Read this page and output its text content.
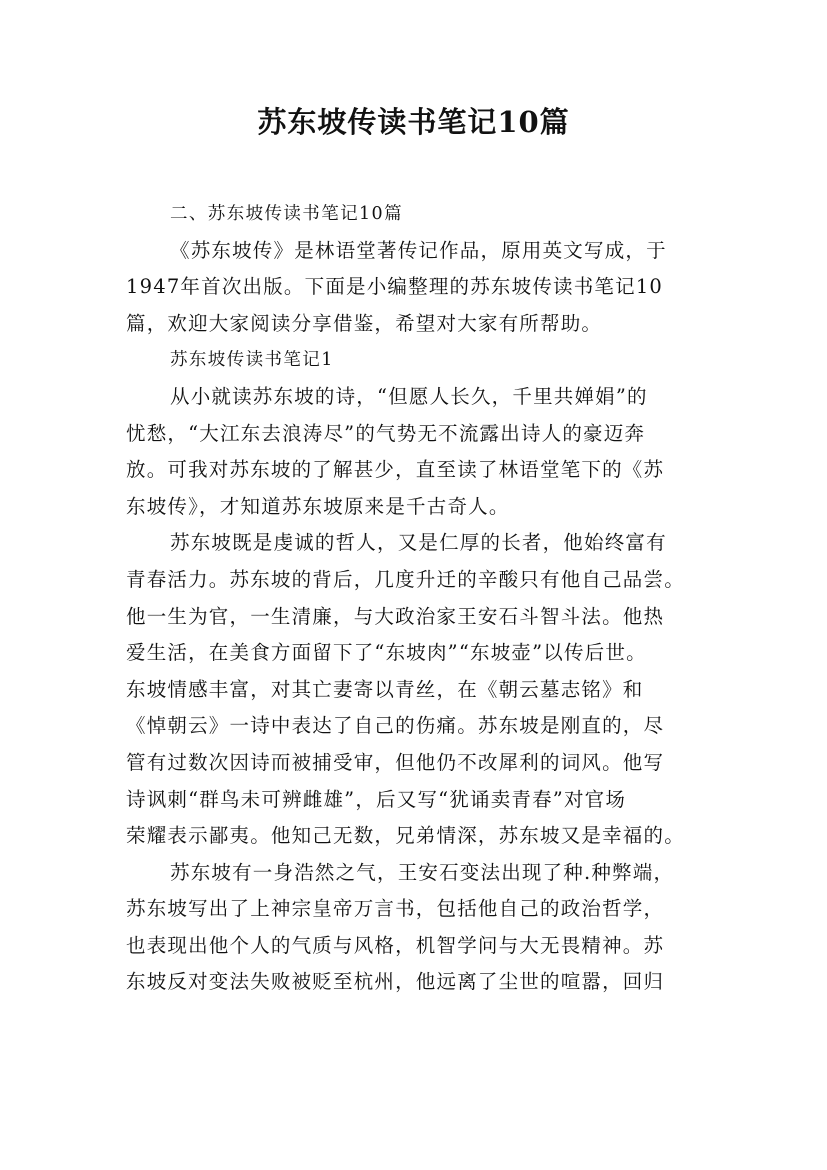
苏东坡传读书笔记10篇
二、苏东坡传读书笔记10篇
《苏东坡传》是林语堂著传记作品，原用英文写成，于
1947年首次出版。下面是小编整理的苏东坡传读书笔记10
篇，欢迎大家阅读分享借鉴，希望对大家有所帮助。
苏东坡传读书笔记1
从小就读苏东坡的诗，“但愿人长久，千里共婵娟”的
忧愁，“大江东去浪涛尽”的气势无不流露出诗人的豪迈奔
放。可我对苏东坡的了解甚少，直至读了林语堂笔下的《苏
东坡传》，才知道苏东坡原来是千古奇人。
苏东坡既是虔诚的哲人，又是仁厚的长者，他始终富有
青春活力。苏东坡的背后，几度升迁的辛酸只有他自己品尝。
他一生为官，一生清廉，与大政治家王安石斗智斗法。他热
爱生活，在美食方面留下了“东坡肉”“东坡壶”以传后世。
东坡情感丰富，对其亡妻寄以青丝，在《朝云墓志铭》和
《悼朝云》一诗中表达了自己的伤痛。苏东坡是刚直的，尽
管有过数次因诗而被捕受审，但他仍不改犀利的词风。他写
诗讽刺“群鸟未可辨雌雄”，后又写“犹诵卖青春”对官场
荣耀表示鄙夷。他知己无数，兄弟情深，苏东坡又是幸福的。
苏东坡有一身浩然之气，王安石变法出现了种.种弊端，
苏东坡写出了上神宗皇帝万言书，包括他自己的政治哲学，
也表现出他个人的气质与风格，机智学问与大无畏精神。苏
东坡反对变法失败被贬至杭州，他远离了尘世的喧嚣，回归
